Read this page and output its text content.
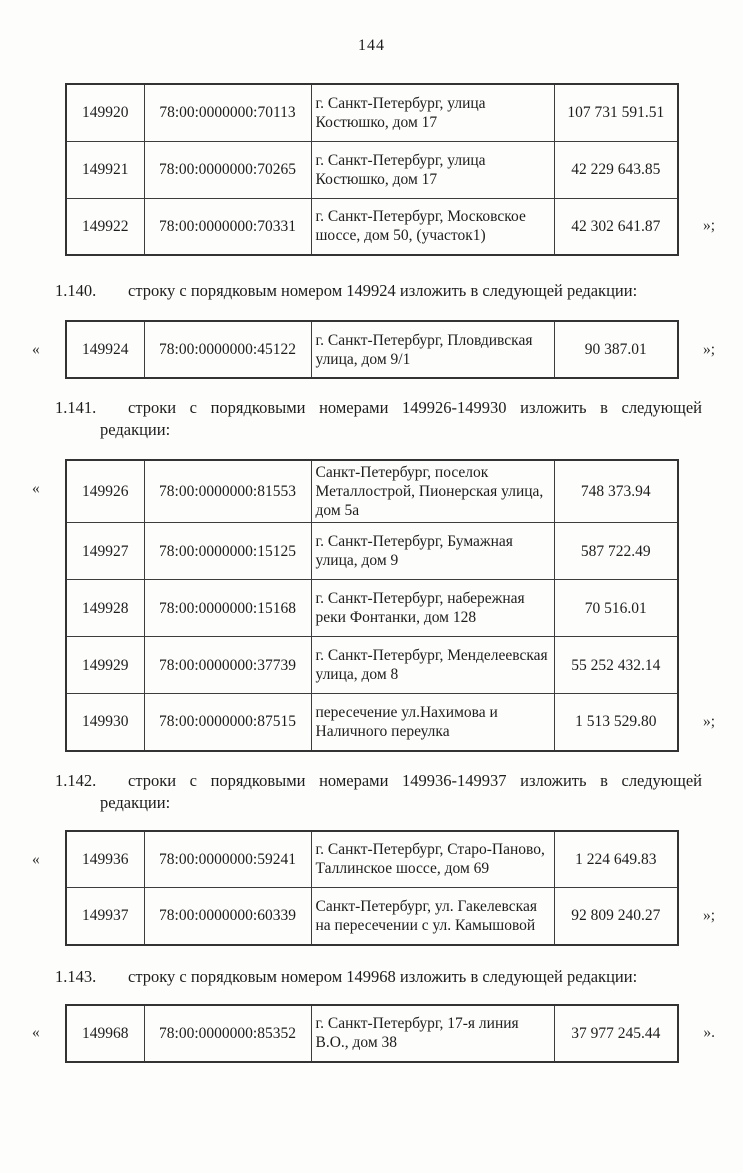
144
149920	78:00:0000000:70113	г. Санкт-Петербург, улица Костюшко, дом 17	107 731 591.51
149921	78:00:0000000:70265	г. Санкт-Петербург, улица Костюшко, дом 17	42 229 643.85
149922	78:00:0000000:70331	г. Санкт-Петербург, Московское шоссе, дом 50, (участок1)	42 302 641.87	»;

1.140. строку с порядковым номером 149924 изложить в следующей редакции:

«	149924	78:00:0000000:45122	г. Санкт-Петербург, Пловдивская улица, дом 9/1	90 387.01	»;

1.141. строки с порядковыми номерами 149926-149930 изложить в следующей редакции:

«	149926	78:00:0000000:81553	Санкт-Петербург, поселок Металлострой, Пионерская улица, дом 5а	748 373.94
149927	78:00:0000000:15125	г. Санкт-Петербург, Бумажная улица, дом 9	587 722.49
149928	78:00:0000000:15168	г. Санкт-Петербург, набережная реки Фонтанки, дом 128	70 516.01
149929	78:00:0000000:37739	г. Санкт-Петербург, Менделеевская улица, дом 8	55 252 432.14
149930	78:00:0000000:87515	пересечение ул.Нахимова и Наличного переулка	1 513 529.80	»;

1.142. строки с порядковыми номерами 149936-149937 изложить в следующей редакции:

«	149936	78:00:0000000:59241	г. Санкт-Петербург, Старо-Паново, Таллинское шоссе, дом 69	1 224 649.83
149937	78:00:0000000:60339	Санкт-Петербург, ул. Гакелевская на пересечении с ул. Камышовой	92 809 240.27	»;

1.143. строку с порядковым номером 149968 изложить в следующей редакции:

«	149968	78:00:0000000:85352	г. Санкт-Петербург, 17-я линия В.О., дом 38	37 977 245.44	».
